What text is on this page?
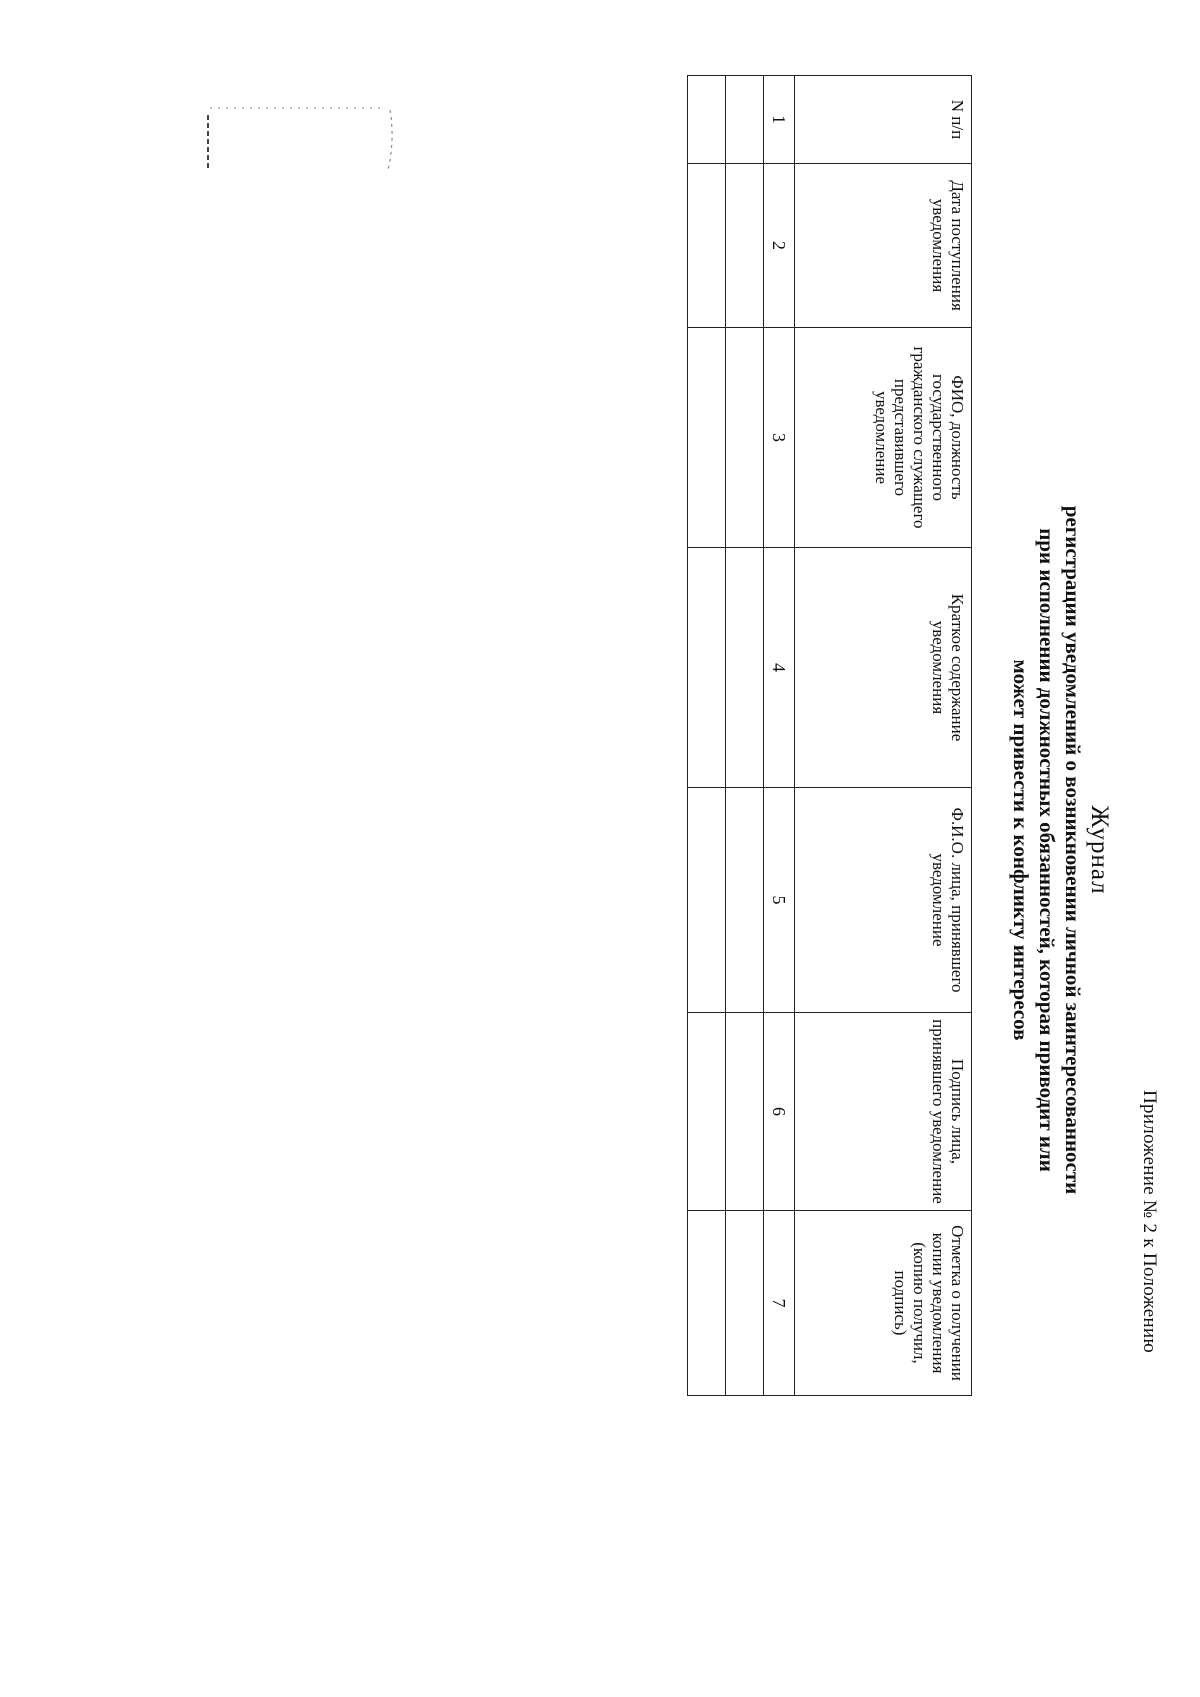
Приложение № 2 к Положению
Журнал
регистрации уведомлений о возникновении личной заинтересованности
при исполнении должностных обязанностей, которая приводит или
может привести к конфликту интересов
N п/п	Дата поступления уведомления	ФИО, должность государственного гражданского служащего представившего уведомление	Краткое содержание уведомления	Ф.И.О. лица, принявшего уведомление	Подпись лица, принявшего уведомление	Отметка о получении копии уведомления (копию получил, подпись)
1	2	3	4	5	6	7
